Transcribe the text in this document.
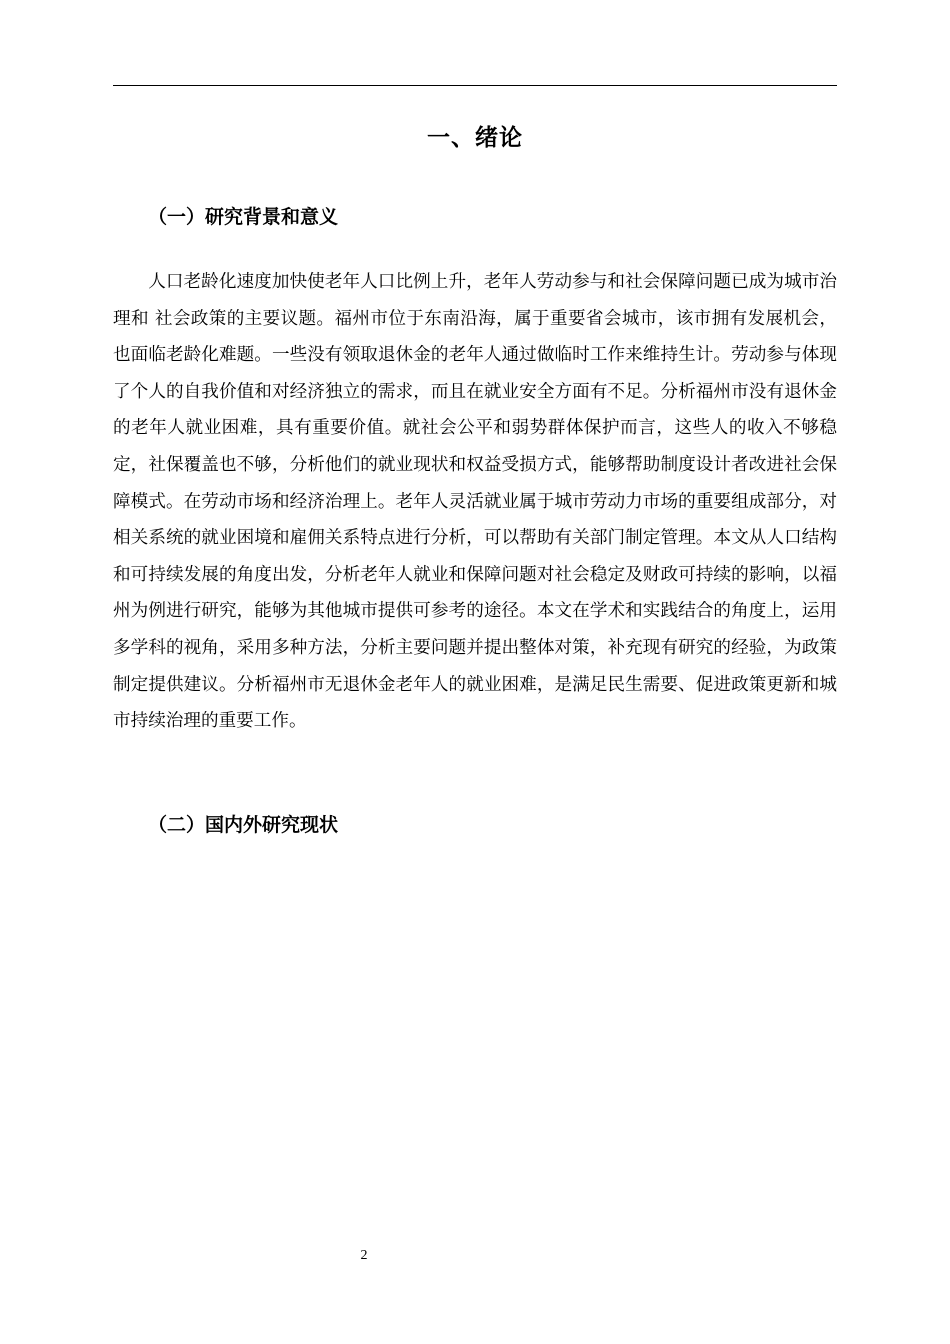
一、绪论
（一）研究背景和意义

人口老龄化速度加快使老年人口比例上升，老年人劳动参与和社会保障问题已成为城市治理和 社会政策的主要议题。福州市位于东南沿海，属于重要省会城市，该市拥有发展机会，也面临老龄化难题。一些没有领取退休金的老年人通过做临时工作来维持生计。劳动参与体现了个人的自我价值和对经济独立的需求，而且在就业安全方面有不足。分析福州市没有退休金的老年人就业困难，具有重要价值。就社会公平和弱势群体保护而言，这些人的收入不够稳定，社保覆盖也不够，分析他们的就业现状和权益受损方式，能够帮助制度设计者改进社会保障模式。在劳动市场和经济治理上。老年人灵活就业属于城市劳动力市场的重要组成部分，对相关系统的就业困境和雇佣关系特点进行分析，可以帮助有关部门制定管理。本文从人口结构和可持续发展的角度出发，分析老年人就业和保障问题对社会稳定及财政可持续的影响，以福州为例进行研究，能够为其他城市提供可参考的途径。本文在学术和实践结合的角度上，运用多学科的视角，采用多种方法，分析主要问题并提出整体对策，补充现有研究的经验，为政策制定提供建议。分析福州市无退休金老年人的就业困难，是满足民生需要、促进政策更新和城市持续治理的重要工作。

（二）国内外研究现状
2
